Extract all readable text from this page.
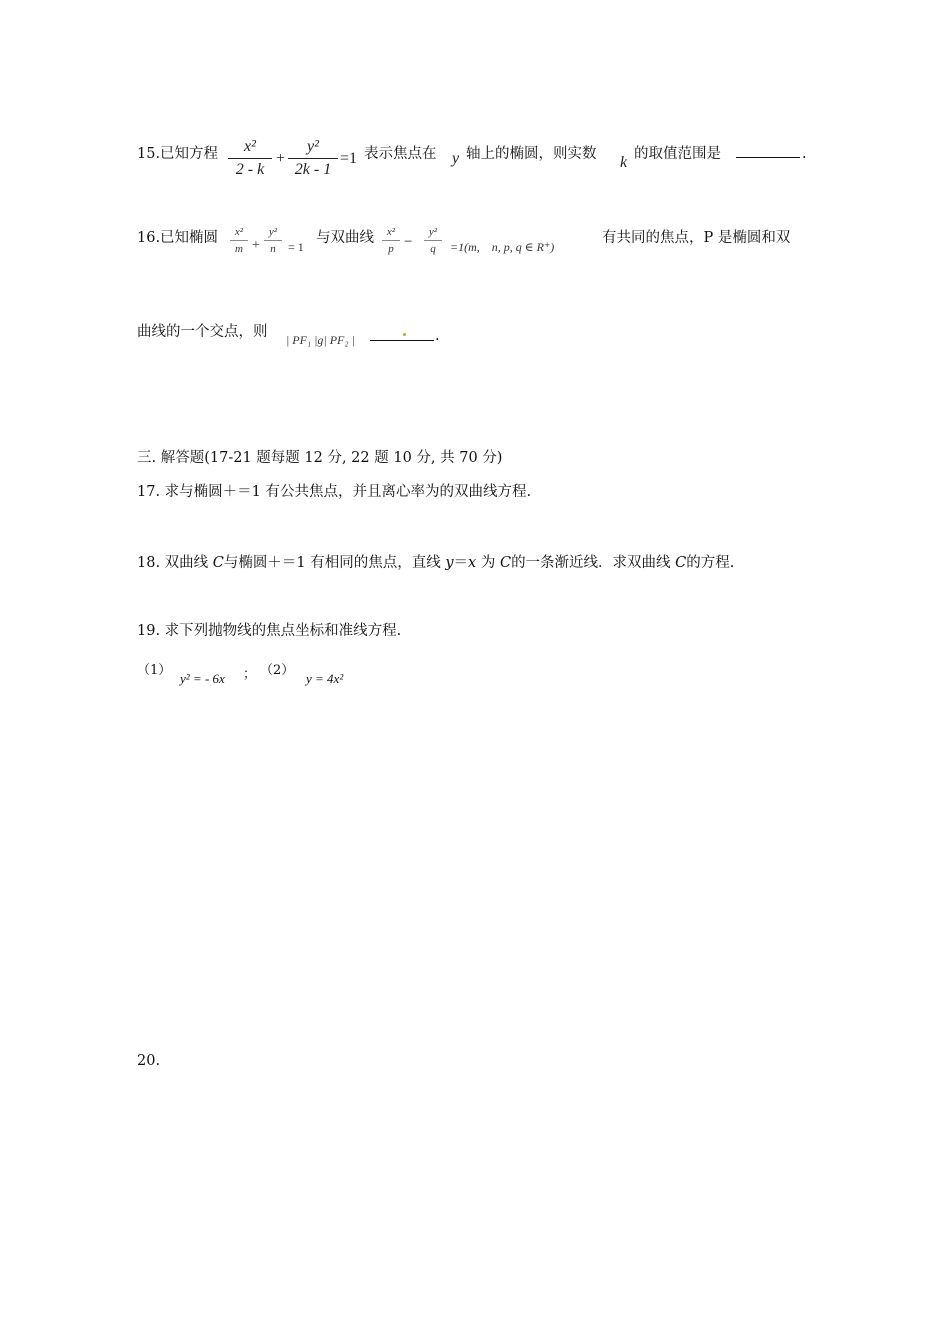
15.已知方程	x²
2 - k
+
y²
2k - 1
=1 表示焦点在 y 轴上的椭圆，则实数 k 的取值范围是	.
16.已知椭圆	x²
m +
y²
n	= 1
与双曲线	x²
p −
y²
q	=1(m,　n, p, q ∈ R⁺)
有共同的焦点，P 是椭圆和双
曲线的一个交点，则 | PF₁ |g| PF₂ |	.
三. 解答题(17-21 题每题 12 分, 22 题 10 分, 共 70 分)
17. 求与椭圆＋＝1 有公共焦点，并且离心率为的双曲线方程.
18. 双曲线 C与椭圆＋＝1 有相同的焦点，直线 y＝x 为 C的一条渐近线．求双曲线 C的方程.
19. 求下列抛物线的焦点坐标和准线方程.
（1）
y² = - 6x ； （2）
y = 4x²
20.
